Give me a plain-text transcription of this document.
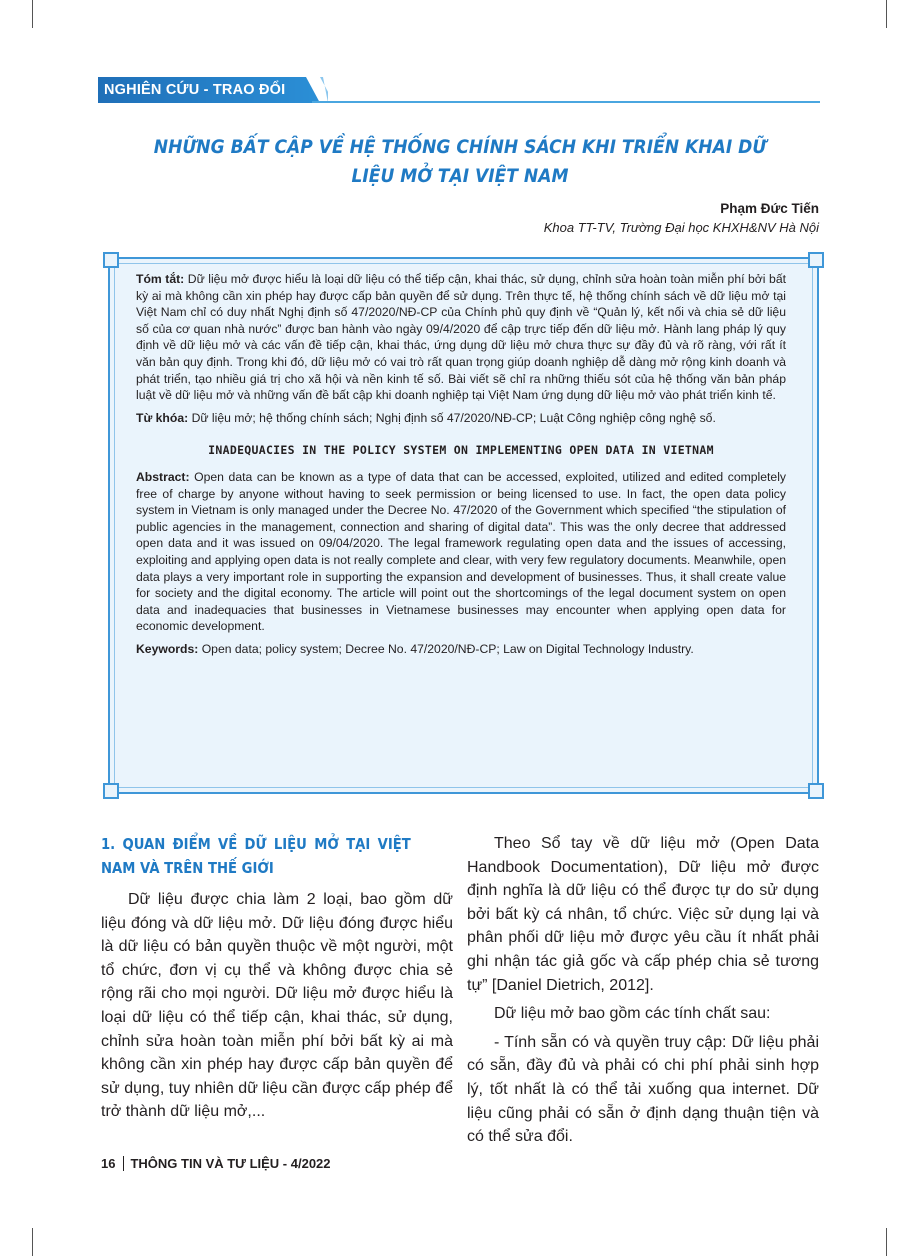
NGHIÊN CỨU - TRAO ĐỔI
NHỮNG BẤT CẬP VỀ HỆ THỐNG CHÍNH SÁCH KHI TRIỂN KHAI DỮ LIỆU MỞ TẠI VIỆT NAM
Phạm Đức Tiến
Khoa TT-TV, Trường Đại học KHXH&NV Hà Nội

Tóm tắt: Dữ liệu mở được hiểu là loại dữ liệu có thể tiếp cận, khai thác, sử dụng, chỉnh sửa hoàn toàn miễn phí bởi bất kỳ ai mà không cần xin phép hay được cấp bản quyền để sử dụng. Trên thực tế, hệ thống chính sách về dữ liệu mở tại Việt Nam chỉ có duy nhất Nghị định số 47/2020/NĐ-CP của Chính phủ quy định về “Quản lý, kết nối và chia sẻ dữ liệu số của cơ quan nhà nước” được ban hành vào ngày 09/4/2020 để cập trực tiếp đến dữ liệu mở. Hành lang pháp lý quy định về dữ liệu mở và các vấn đề tiếp cận, khai thác, ứng dụng dữ liệu mở chưa thực sự đầy đủ và rõ ràng, với rất ít văn bản quy định. Trong khi đó, dữ liệu mở có vai trò rất quan trọng giúp doanh nghiệp dễ dàng mở rộng kinh doanh và phát triển, tạo nhiều giá trị cho xã hội và nền kinh tế số. Bài viết sẽ chỉ ra những thiếu sót của hệ thống văn bản pháp luật về dữ liệu mở và những vấn đề bất cập khi doanh nghiệp tại Việt Nam ứng dụng dữ liệu mở vào phát triển kinh tế.

Từ khóa: Dữ liệu mở; hệ thống chính sách; Nghị định số 47/2020/NĐ-CP; Luật Công nghiệp công nghệ số.

INADEQUACIES IN THE POLICY SYSTEM ON IMPLEMENTING OPEN DATA IN VIETNAM

Abstract: Open data can be known as a type of data that can be accessed, exploited, utilized and edited completely free of charge by anyone without having to seek permission or being licensed to use. In fact, the open data policy system in Vietnam is only managed under the Decree No. 47/2020 of the Government which specified “the stipulation of public agencies in the management, connection and sharing of digital data”. This was the only decree that addressed open data and it was issued on 09/04/2020. The legal framework regulating open data and the issues of accessing, exploiting and applying open data is not really complete and clear, with very few regulatory documents. Meanwhile, open data plays a very important role in supporting the expansion and development of businesses. Thus, it shall create value for society and the digital economy. The article will point out the shortcomings of the legal document system on open data and inadequacies that businesses in Vietnamese businesses may encounter when applying open data for economic development.

Keywords: Open data; policy system; Decree No. 47/2020/NĐ-CP; Law on Digital Technology Industry.

1. QUAN ĐIỂM VỀ DỮ LIỆU MỞ TẠI VIỆT NAM VÀ TRÊN THẾ GIỚI

Dữ liệu được chia làm 2 loại, bao gồm dữ liệu đóng và dữ liệu mở. Dữ liệu đóng được hiểu là dữ liệu có bản quyền thuộc về một người, một tổ chức, đơn vị cụ thể và không được chia sẻ rộng rãi cho mọi người. Dữ liệu mở được hiểu là loại dữ liệu có thể tiếp cận, khai thác, sử dụng, chỉnh sửa hoàn toàn miễn phí bởi bất kỳ ai mà không cần xin phép hay được cấp bản quyền để sử dụng, tuy nhiên dữ liệu cần được cấp phép để trở thành dữ liệu mở,...

Theo Sổ tay về dữ liệu mở (Open Data Handbook Documentation), Dữ liệu mở được định nghĩa là dữ liệu có thể được tự do sử dụng bởi bất kỳ cá nhân, tổ chức. Việc sử dụng lại và phân phối dữ liệu mở được yêu cầu ít nhất phải ghi nhận tác giả gốc và cấp phép chia sẻ tương tự” [Daniel Dietrich, 2012].

Dữ liệu mở bao gồm các tính chất sau:

- Tính sẵn có và quyền truy cập: Dữ liệu phải có sẵn, đầy đủ và phải có chi phí phải sinh hợp lý, tốt nhất là có thể tải xuống qua internet. Dữ liệu cũng phải có sẵn ở định dạng thuận tiện và có thể sửa đổi.

16 THÔNG TIN VÀ TƯ LIỆU - 4/2022
